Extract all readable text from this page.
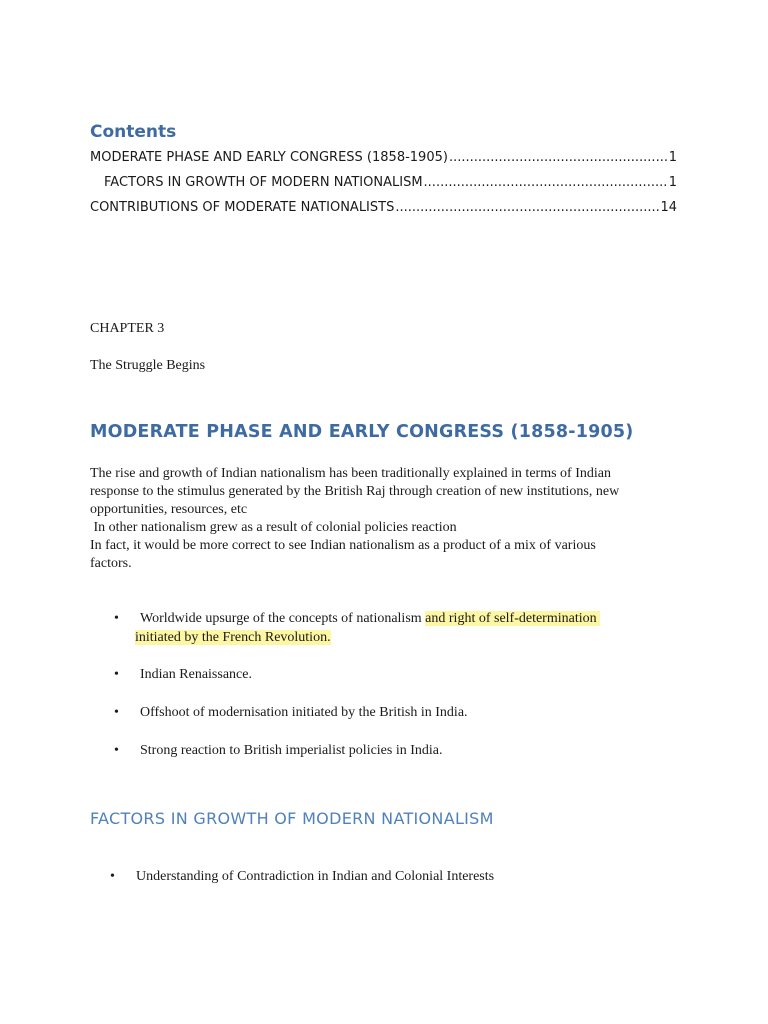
Contents
MODERATE PHASE AND EARLY CONGRESS (1858-1905) .....	1
FACTORS IN GROWTH OF MODERN NATIONALISM .....	1
CONTRIBUTIONS OF MODERATE NATIONALISTS .....	14

CHAPTER 3

The Struggle Begins

MODERATE PHASE AND EARLY CONGRESS (1858-1905)

The rise and growth of Indian nationalism has been traditionally explained in terms of Indian
response to the stimulus generated by the British Raj through creation of new institutions, new
opportunities, resources, etc
In other nationalism grew as a result of colonial policies reaction
In fact, it would be more correct to see Indian nationalism as a product of a mix of various
factors.

•	Worldwide upsurge of the concepts of nationalism and right of self-determination
initiated by the French Revolution.
•	Indian Renaissance.
•	Offshoot of modernisation initiated by the British in India.
•	Strong reaction to British imperialist policies in India.
FACTORS IN GROWTH OF MODERN NATIONALISM
•	Understanding of Contradiction in Indian and Colonial Interests
